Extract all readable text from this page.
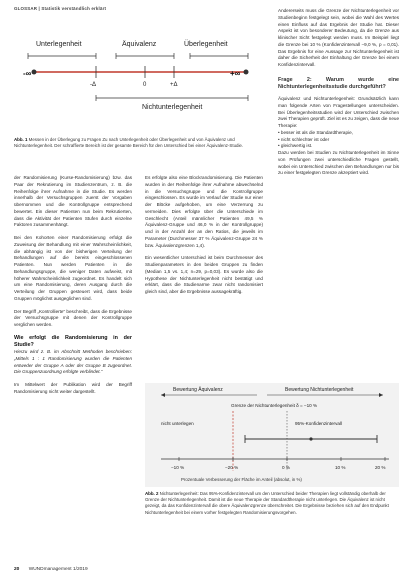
GLOSSAR | Statistik verständlich erklärt
Unterlegenheit	Äquivalenz	Überlegenheit
-∞	+∞
-Δ	0	+Δ
Nichtunterlegenheit
Abb. 1 Messen in der Überlegung zu Fragen Zu nach Unterlegenheit oder Überlegenheit und von Äquivalenz und Nichtunterlegenheit. Der schraffierte Bereich ist der gesamte Bereich für den Unterschied bei einer Äquivalenz-Studie.

der Randomisierung (Kurse-Randomisierung) bzw. das Paar der Rekrutierung im Studienzentrum, z. B. die Reihenfolge ihrer Aufnahme in die Studie. Es werden innerhalb der Versuchsgruppen zuerst der Vorgaben übernommen und die Kontrollgruppe entsprechend bewertet. Ein dieser Patienten nun beim Rekrutierten, dass die Aktivität der Patienten Stufen durch einzelne Faktoren zusammenhängt.

Bei den Kohorten einer Randomisierung erfolgt die Zuweisung der Behandlung mit einer Wahrscheinlichkeit, die abhängig ist von der bisherigen Verteilung der Behandlungen auf die bereits eingeschlossenen Patienten. Nun werden Patienten in die Behandlungsgruppe, die weniger Daten aufweist, mit höherer Wahrscheinlichkeit zugeordnet. Es handelt sich um eine Randomisierung, deren Ausgang durch die Verteilung der Gruppen gesteuert wird, dass beide Gruppen möglichst ausgeglichen sind.

Der Begriff „Kontrollierte“ beschreibt, dass die Ergebnisse der Versuchsgruppe mit denen der Kontrollgruppe verglichen werden.

Wie erfolgt die Randomisierung in der Studie?

Hierzu wird z. B. im Abschnitt Methoden beschrieben: „Mittels 1 : 1 Randomisierung wurden die Patienten entweder der Gruppe A oder der Gruppe B zugeordnet. Die Gruppenzuordnung erfolgte verblindet.“

Im Mittelwert der Publikation wird der Begriff Randomisierung nicht weiter dargestellt.

Es erfolgte also eine Blockrandomisierung. Die Patienten wurden in der Reihenfolge ihrer Aufnahme abwechselnd in die Versuchsgruppe und die Kontrollgruppe eingeschlossen. Es wurde im Verlauf der Studie nur einer der Blöcke aufgehoben, um eine Verzerrung zu vermeiden. Dies erfolgte über die Unterschiede im Geschlecht (Anteil männlicher Patienten 49,5 % Äquivalenz-Gruppe und 46,0 % in der Kontrollgruppe) und in der Anzahl der an den Ratios, die jeweils im Parameter (Durchmesser 37 % Äquivalenz-Gruppe 24 % bzw. Äquivalenzgrenzen 1,4).

Ein wesentlicher Unterschied ist beim Durchmesser des Studienparameters in den beiden Gruppen zu finden (Median 1,5 vs. 1,4; n=29, p=0,03). Es wurde also die Hypothese der Nichtunterlegenheit nicht bestätigt und erklärt, dass die Studienarme zwar nicht randomisiert gleich sind, aber die Ergebnisse aussagekräftig.

Andererseits muss die Grenze der Nichtunterlegenheit vor Studienbeginn festgelegt sein, wobei die Wahl des Wertes einen Einfluss auf das Ergebnis der Studie hat. Dieser Aspekt ist von besonderer Bedeutung, da die Grenze aus klinischer Sicht festgelegt werden muss. Im Beispiel liegt die Grenze bei 10 % (Konfidenzintervall −9,0 %, p = 0,01). Das Ergebnis für eine Aussage zur Nichtunterlegenheit ist daher die Sicherheit der Einhaltung der Grenze bei einem Konfidenzintervall.

Frage 2: Warum wurde eine Nichtunterlegenheitsstudie durchgeführt?

Äquivalenz und Nichtunterlegenheit: Grundsätzlich kann man folgende Arten von Fragestellungen unterscheiden. Bei Überlegenheitsstudien wird der Unterschied zwischen zwei Therapien geprüft. Ziel ist es zu zeigen, dass die neue Therapie:

• besser ist als die Standardtherapie,

• nicht schlechter ist oder

• gleichwertig ist.

Dazu werden bei Studien zu Nichtunterlegenheit im Sinne von Prüfungen zwei unterschiedliche Fragen gestellt, wobei ein Unterschied zwischen den Behandlungen nur bis zu einer festgelegten Grenze akzeptiert wird.

Bewertung Äquivalenz	Bewertung Nichtunterlegenheit
Grenze der Nichtunterlegenheit δ = −10 %
nicht unterlegen	95%-Konfidenzintervall
−10 %	−20 %	0 %	10 %	20 %
Prozentuale Verbesserung der Fläche im Anteil (absolut, in %)
Abb. 2 Nichtunterlegenheit: Das 95%-Konfidenzintervall um den Unterschied beider Therapien liegt vollständig oberhalb der Grenze der Nichtunterlegenheit. Damit ist die neue Therapie der Standardtherapie nicht unterlegen. Die Äquivalenz ist nicht gezeigt, da das Konfidenzintervall die obere Äquivalenzgrenze überschreitet. Die Ergebnisse beziehen sich auf den Endpunkt Nichtunterlegenheit bei einem vorher festgelegten Randomisierungsvorgehen.
20 WUNDmanagement 1/2019
